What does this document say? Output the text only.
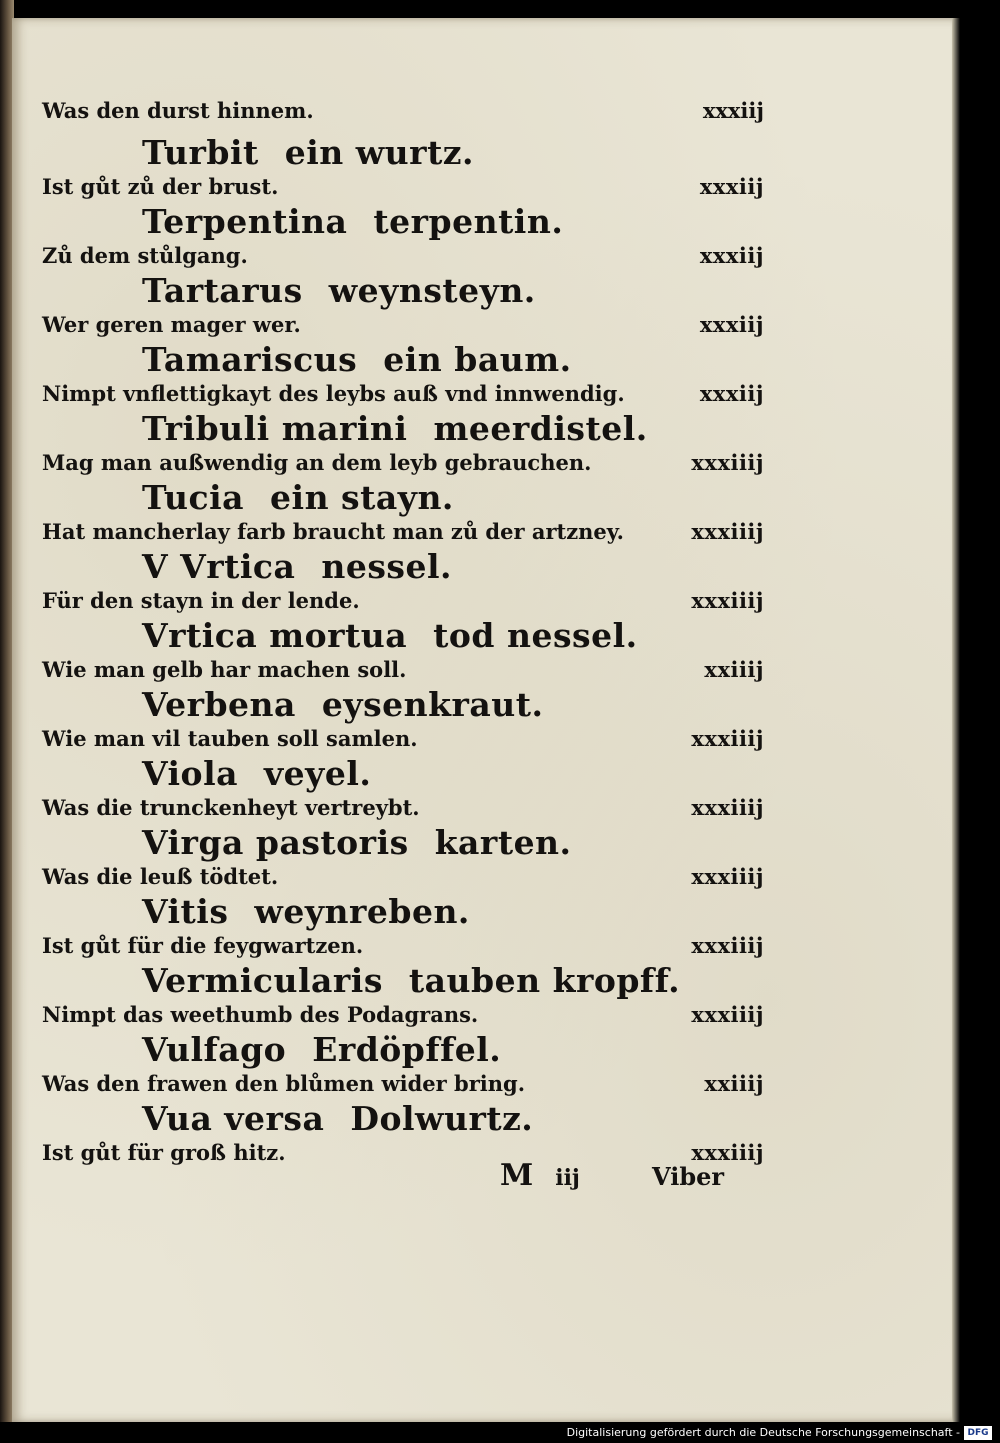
Was den durst hinnem.	xxxiij
Turbit ein wurtz.
Ist gůt zů der brust.	xxxiij
Terpentina terpentin.
Zů dem stůlgang.	xxxiij
Tartarus weynsteyn.
Wer geren mager wer.	xxxiij
Tamariscus ein baum.
Nimpt vnflettigkayt des leybs auß vnd innwendig.	xxxiij
Tribuli marini meerdistel.
Mag man außwendig an dem leyb gebrauchen.	xxxiiij
Tucia ein stayn.
Hat mancherlay farb braucht man zů der artzney.	xxxiiij
V Vrtica nessel.
Für den stayn in der lende.	xxxiiij
Vrtica mortua tod nessel.
Wie man gelb har machen soll.	xxiiij
Verbena eysenkraut.
Wie man vil tauben soll samlen.	xxxiiij
Viola veyel.
Was die trunckenheyt vertreybt.	xxxiiij
Virga pastoris karten.
Was die leuß tödtet.	xxxiiij
Vitis weynreben.
Ist gůt für die feygwartzen.	xxxiiij
Vermicularis tauben kropff.
Nimpt das weethumb des Podagrans.	xxxiiij
Vulfago Erdöpffel.
Was den frawen den blůmen wider bring.	xxiiij
Vua versa Dolwurtz.
Ist gůt für groß hitz.	xxxiiij
M iij	Viber
Digitalisierung gefördert durch die Deutsche Forschungsgemeinschaft - DFG
